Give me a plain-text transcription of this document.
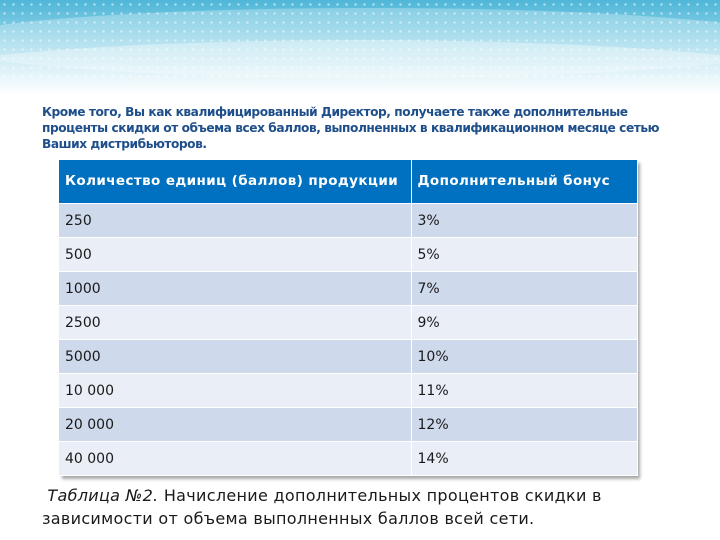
Кроме того, Вы как квалифицированный Директор, получаете также дополнительные проценты скидки от объема всех баллов, выполненных в квалификационном месяце сетью Ваших дистрибьюторов.
Количество единиц (баллов) продукции	Дополнительный бонус
250	3%
500	5%
1000	7%
2500	9%
5000	10%
10 000	11%
20 000	12%
40 000	14%
Таблица №2. Начисление дополнительных процентов скидки в зависимости от объема выполненных баллов всей сети.
